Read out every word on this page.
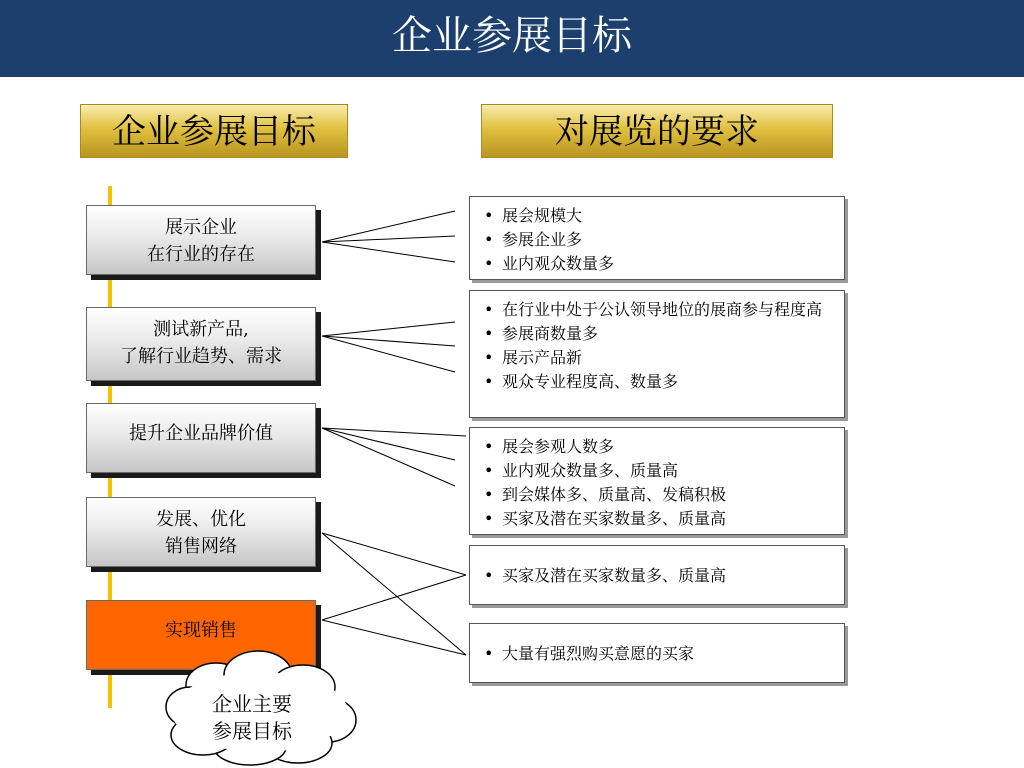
企业参展目标
企业参展目标	对展览的要求
展示企业
在行业的存在
测试新产品,
了解行业趋势、需求
提升企业品牌价值
发展、优化
销售网络
实现销售
• 展会规模大
• 参展企业多
• 业内观众数量多
• 在行业中处于公认领导地位的展商参与程度高
• 参展商数量多
• 展示产品新
• 观众专业程度高、数量多
• 展会参观人数多
• 业内观众数量多、质量高
• 到会媒体多、质量高、发稿积极
• 买家及潜在买家数量多、质量高
• 买家及潜在买家数量多、质量高
• 大量有强烈购买意愿的买家
企业主要
参展目标
